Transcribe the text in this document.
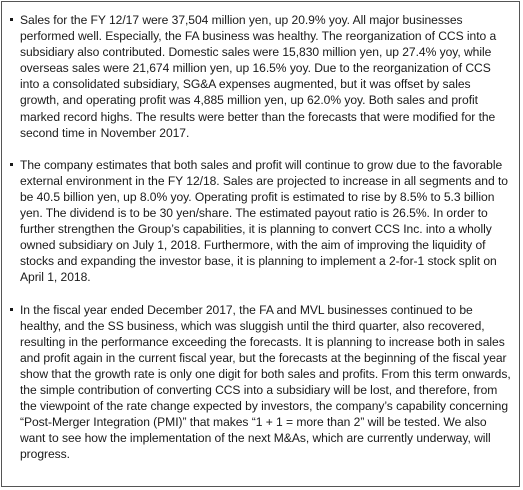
Sales for the FY 12/17 were 37,504 million yen, up 20.9% yoy. All major businesses performed well. Especially, the FA business was healthy. The reorganization of CCS into a subsidiary also contributed. Domestic sales were 15,830 million yen, up 27.4% yoy, while overseas sales were 21,674 million yen, up 16.5% yoy. Due to the reorganization of CCS into a consolidated subsidiary, SG&A expenses augmented, but it was offset by sales growth, and operating profit was 4,885 million yen, up 62.0% yoy. Both sales and profit marked record highs. The results were better than the forecasts that were modified for the second time in November 2017.
The company estimates that both sales and profit will continue to grow due to the favorable external environment in the FY 12/18. Sales are projected to increase in all segments and to be 40.5 billion yen, up 8.0% yoy. Operating profit is estimated to rise by 8.5% to 5.3 billion yen. The dividend is to be 30 yen/share. The estimated payout ratio is 26.5%. In order to further strengthen the Group’s capabilities, it is planning to convert CCS Inc. into a wholly owned subsidiary on July 1, 2018. Furthermore, with the aim of improving the liquidity of stocks and expanding the investor base, it is planning to implement a 2-for-1 stock split on April 1, 2018.
In the fiscal year ended December 2017, the FA and MVL businesses continued to be healthy, and the SS business, which was sluggish until the third quarter, also recovered, resulting in the performance exceeding the forecasts. It is planning to increase both in sales and profit again in the current fiscal year, but the forecasts at the beginning of the fiscal year show that the growth rate is only one digit for both sales and profits. From this term onwards, the simple contribution of converting CCS into a subsidiary will be lost, and therefore, from the viewpoint of the rate change expected by investors, the company’s capability concerning “Post-Merger Integration (PMI)” that makes “1 + 1 = more than 2” will be tested. We also want to see how the implementation of the next M&As, which are currently underway, will progress.
